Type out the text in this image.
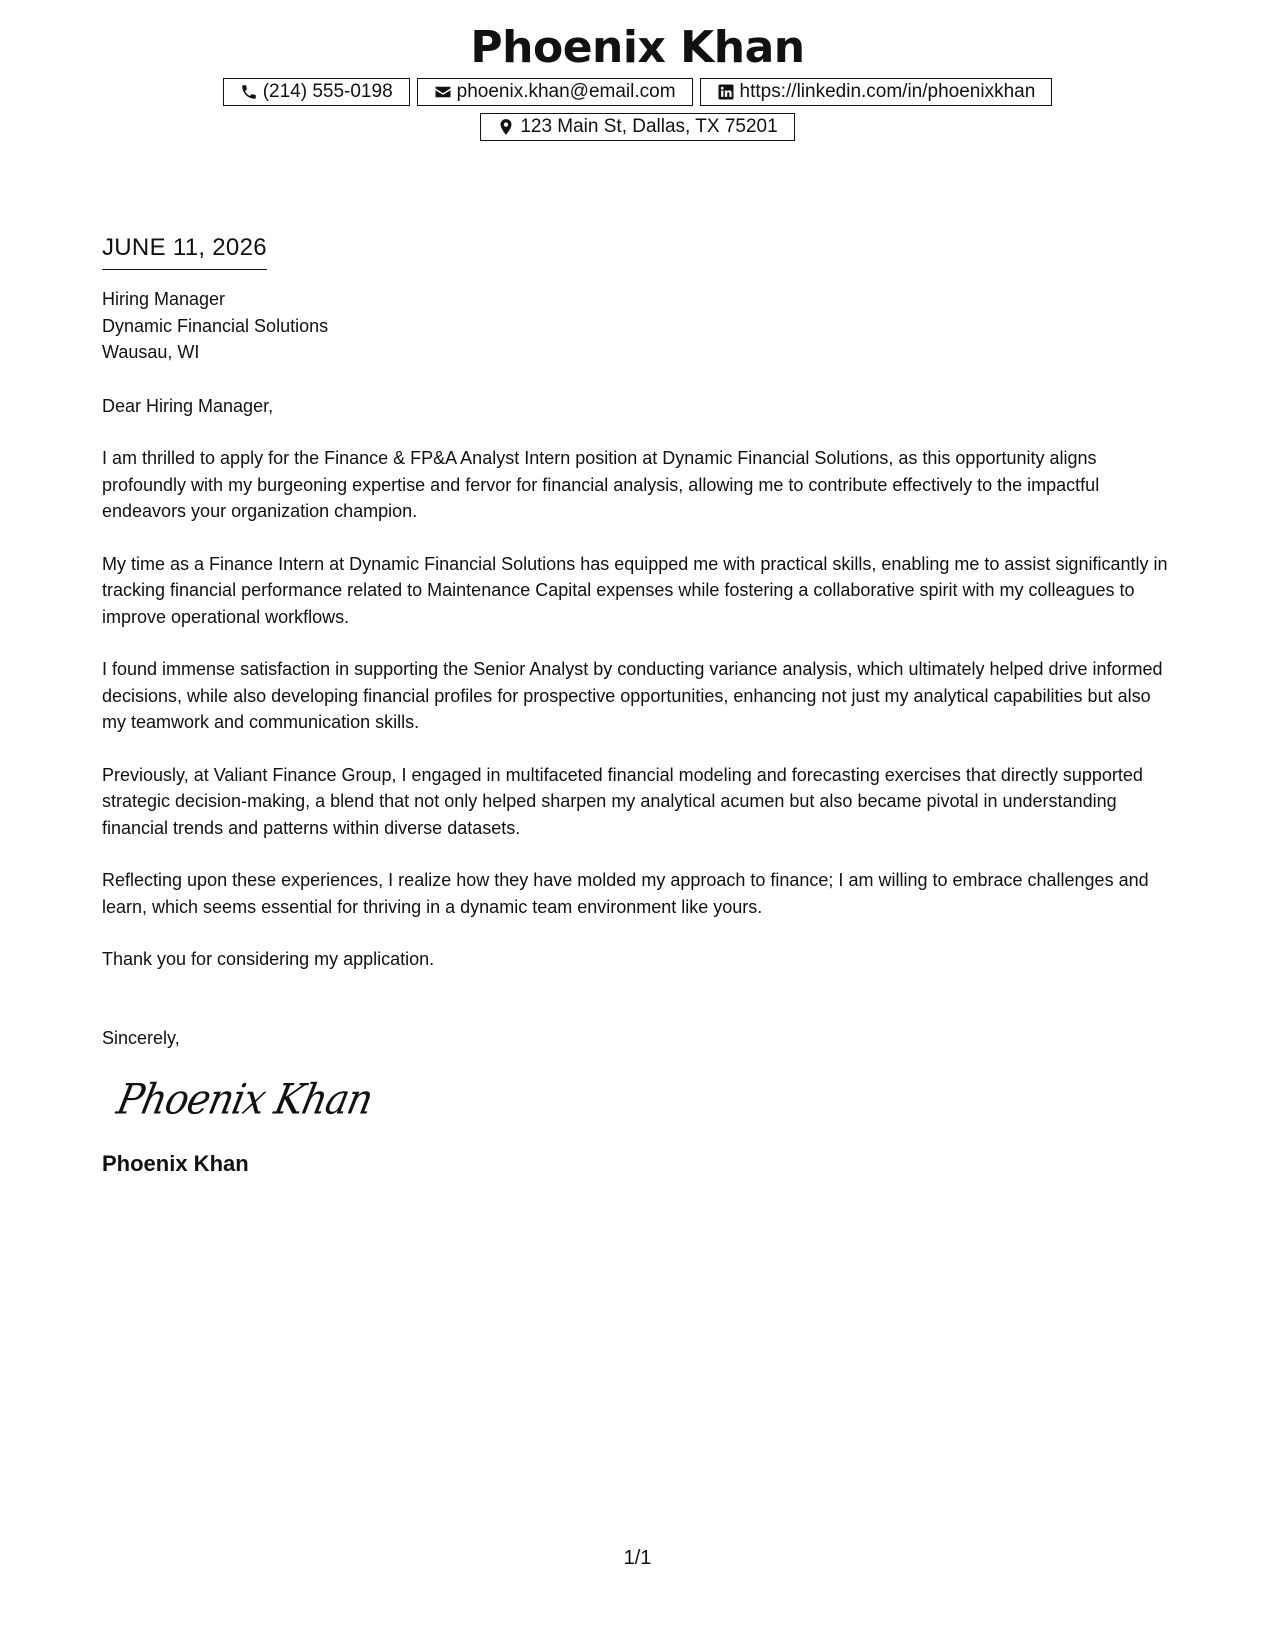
Phoenix Khan
(214) 555-0198	phoenix.khan@email.com	https://linkedin.com/in/phoenixkhan
123 Main St, Dallas, TX 75201
JUNE 11, 2026
Hiring Manager
Dynamic Financial Solutions
Wausau, WI
Dear Hiring Manager,

I am thrilled to apply for the Finance & FP&A Analyst Intern position at Dynamic Financial Solutions, as this opportunity aligns profoundly with my burgeoning expertise and fervor for financial analysis, allowing me to contribute effectively to the impactful endeavors your organization champion.

My time as a Finance Intern at Dynamic Financial Solutions has equipped me with practical skills, enabling me to assist significantly in tracking financial performance related to Maintenance Capital expenses while fostering a collaborative spirit with my colleagues to improve operational workflows.

I found immense satisfaction in supporting the Senior Analyst by conducting variance analysis, which ultimately helped drive informed decisions, while also developing financial profiles for prospective opportunities, enhancing not just my analytical capabilities but also my teamwork and communication skills.

Previously, at Valiant Finance Group, I engaged in multifaceted financial modeling and forecasting exercises that directly supported strategic decision-making, a blend that not only helped sharpen my analytical acumen but also became pivotal in understanding financial trends and patterns within diverse datasets.

Reflecting upon these experiences, I realize how they have molded my approach to finance; I am willing to embrace challenges and learn, which seems essential for thriving in a dynamic team environment like yours.

Thank you for considering my application.
Sincerely,
Phoenix Khan
Phoenix Khan
1/1
